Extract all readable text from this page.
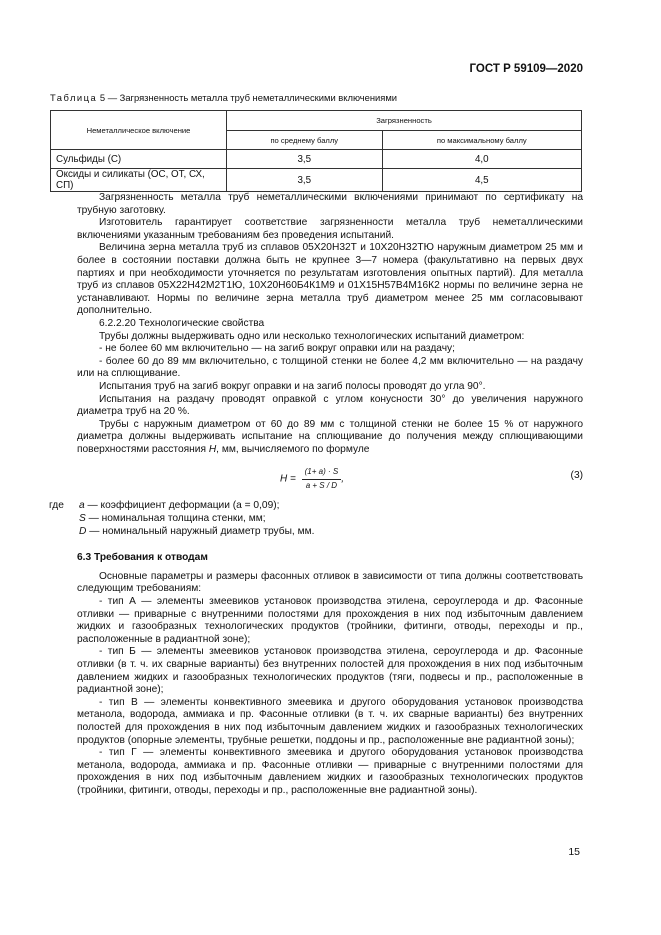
ГОСТ Р 59109—2020
Таблица 5 — Загрязненность металла труб неметаллическими включениями
Неметаллическое включение	Загрязненность	
	по среднему баллу	по максимальному баллу
Сульфиды (С)	3,5	4,0
Оксиды и силикаты (ОС, ОТ, СХ, СП)	3,5	4,5

Загрязненность металла труб неметаллическими включениями принимают по сертификату на трубную заготовку.

Изготовитель гарантирует соответствие загрязненности металла труб неметаллическими включениями указанным требованиям без проведения испытаний.

Величина зерна металла труб из сплавов 05Х20Н32Т и 10Х20Н32ТЮ наружным диаметром 25 мм и более в состоянии поставки должна быть не крупнее 3—7 номера (факультативно на первых двух партиях и при необходимости уточняется по результатам изготовления опытных партий). Для металла труб из сплавов 05Х22Н42М2Т1Ю, 10Х20Н60Б4К1М9 и 01Х15Н57В4М16К2 нормы по величине зерна не устанавливают. Нормы по величине зерна металла труб диаметром менее 25 мм согласовывают дополнительно.

6.2.2.20 Технологические свойства

Трубы должны выдерживать одно или несколько технологических испытаний диаметром:

- не более 60 мм включительно — на загиб вокруг оправки или на раздачу;

- более 60 до 89 мм включительно, с толщиной стенки не более 4,2 мм включительно — на раздачу или на сплющивание.

Испытания труб на загиб вокруг оправки и на загиб полосы проводят до угла 90°.

Испытания на раздачу проводят оправкой с углом конусности 30° до увеличения наружного диаметра труб на 20 %.

Трубы с наружным диаметром от 60 до 89 мм с толщиной стенки не более 15 % от наружного диаметра должны выдерживать испытание на сплющивание до получения между сплющивающими поверхностями расстояния H, мм, вычисляемого по формуле

$H = \frac{(1+ a) \cdot S}{a + S / D}$ ,	(3)
где	a — коэффициент деформации (a = 0,09);
S — номинальная толщина стенки, мм;
D — номинальный наружный диаметр трубы, мм.

6.3 Требования к отводам

Основные параметры и размеры фасонных отливок в зависимости от типа должны соответствовать следующим требованиям:

- тип А — элементы змеевиков установок производства этилена, сероуглерода и др. Фасонные отливки — приварные с внутренними полостями для прохождения в них под избыточным давлением жидких и газообразных технологических продуктов (тройники, фитинги, отводы, переходы и пр., расположенные в радиантной зоне);

- тип Б — элементы змеевиков установок производства этилена, сероуглерода и др. Фасонные отливки (в т. ч. их сварные варианты) без внутренних полостей для прохождения в них под избыточным давлением жидких и газообразных технологических продуктов (тяги, подвесы и пр., расположенные в радиантной зоне);

- тип В — элементы конвективного змеевика и другого оборудования установок производства метанола, водорода, аммиака и пр. Фасонные отливки (в т. ч. их сварные варианты) без внутренних полостей для прохождения в них под избыточным давлением жидких и газообразных технологических продуктов (опорные элементы, трубные решетки, поддоны и пр., расположенные вне радиантной зоны);

- тип Г — элементы конвективного змеевика и другого оборудования установок производства метанола, водорода, аммиака и пр. Фасонные отливки — приварные с внутренними полостями для прохождения в них под избыточным давлением жидких и газообразных технологических продуктов (тройники, фитинги, отводы, переходы и пр., расположенные вне радиантной зоны).

15
